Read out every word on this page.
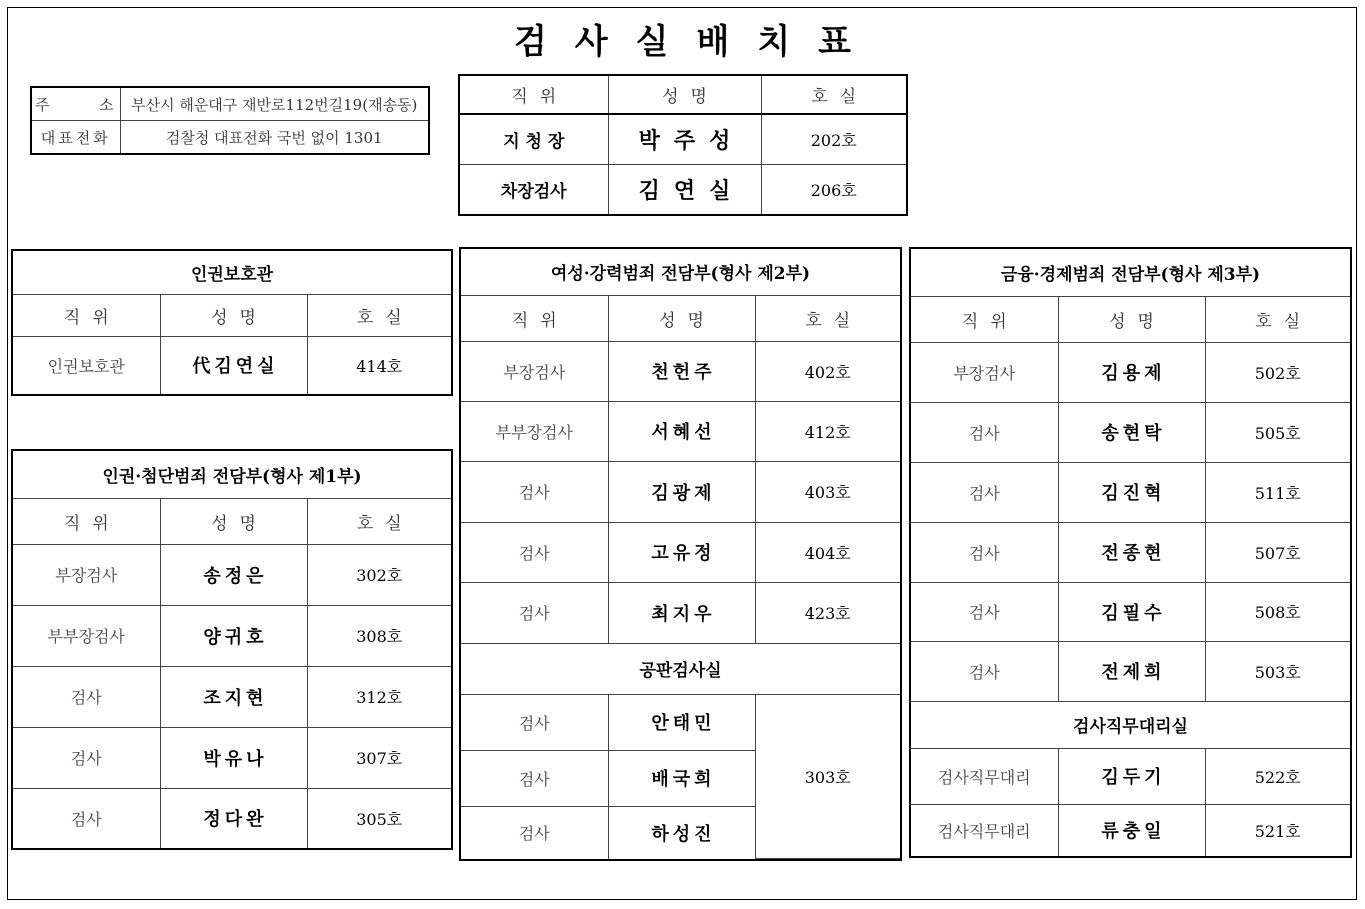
검사실배치표
주      소	부산시 해운대구 재반로112번길19(재송동)
대표전화	검찰청 대표전화 국번 없이 1301
직위	성명	호실
지 청 장	박주성	202호
차장검사	김연실	206호
인권보호관		
직위	성명	호실
인권보호관	代김연실	414호
인권·첨단범죄 전담부(형사 제1부)		
직위	성명	호실
부장검사	송정은	302호
부부장검사	양귀호	308호
검사	조지현	312호
검사	박유나	307호
검사	정다완	305호
여성·강력범죄 전담부(형사 제2부)		
직위	성명	호실
부장검사	천헌주	402호
부부장검사	서혜선	412호
검사	김광제	403호
검사	고유정	404호
검사	최지우	423호
공판검사실		
검사	안태민	303호
검사	배국희	
검사	하성진	
금융·경제범죄 전담부(형사 제3부)		
직위	성명	호실
부장검사	김용제	502호
검사	송현탁	505호
검사	김진혁	511호
검사	전종현	507호
검사	김필수	508호
검사	전제희	503호
검사직무대리실		
검사직무대리	김두기	522호
검사직무대리	류충일	521호
